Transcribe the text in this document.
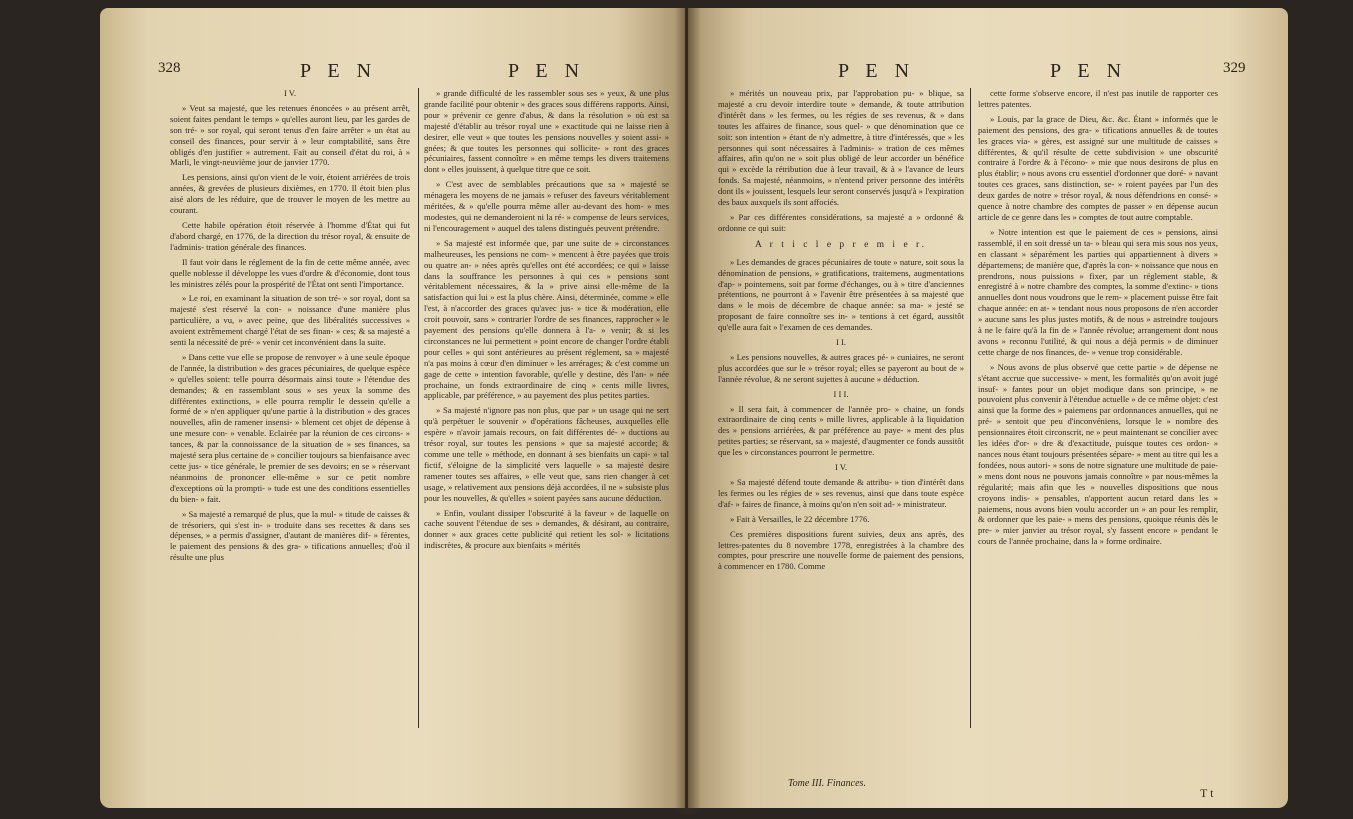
328	P E N	P E N

I V.

» Veut sa majesté, que les retenues énoncées » au présent arrêt, soient faites pendant le temps » qu'elles auront lieu, par les gardes de son tré- » sor royal, qui seront tenus d'en faire arrêter » un état au conseil des finances, pour servir à » leur comptabilité, sans être obligés d'en justifier » autrement. Fait au conseil d'état du roi, à » Marli, le vingt-neuvième jour de janvier 1770.

Les pensions, ainsi qu'on vient de le voir, étoient arriérées de trois années, & grevées de plusieurs dixièmes, en 1770. Il étoit bien plus aisé alors de les réduire, que de trouver le moyen de les mettre au courant.

Cette habile opération étoit réservée à l'homme d'État qui fut d'abord chargé, en 1776, de la direction du trésor royal, & ensuite de l'adminis- tration générale des finances.

Il faut voir dans le réglement de la fin de cette même année, avec quelle noblesse il développe les vues d'ordre & d'économie, dont tous les ministres zélés pour la prospérité de l'État ont senti l'importance.

» Le roi, en examinant la situation de son tré- » sor royal, dont sa majesté s'est réservé la con- » noissance d'une manière plus particulière, a vu, » avec peine, que des libéralités successives » avoient extrêmement chargé l'état de ses finan- » ces; & sa majesté a senti la nécessité de pré- » venir cet inconvénient dans la suite.

» Dans cette vue elle se propose de renvoyer » à une seule époque de l'année, la distribution » des graces pécuniaires, de quelque espèce » qu'elles soient: telle pourra désormais ainsi toute » l'étendue des demandes; & en rassemblant sous » ses yeux la somme des différentes extinctions, » elle pourra remplir le dessein qu'elle a formé de » n'en appliquer qu'une partie à la distribution » des graces nouvelles, afin de ramener insensi- » blement cet objet de dépense à une mesure con- » venable. Eclairée par la réunion de ces circons- » tances, & par la connoissance de la situation de » ses finances, sa majesté sera plus certaine de » concilier toujours sa bienfaisance avec cette jus- » tice générale, le premier de ses devoirs; en se » réservant néanmoins de prononcer elle-même » sur ce petit nombre d'exceptions où la prompti- » tude est une des conditions essentielles du bien- » fait.

» Sa majesté a remarqué de plus, que la mul- » titude de caisses & de trésoriers, qui s'est in- » troduite dans ses recettes & dans ses dépenses, » a permis d'assigner, d'autant de manières dif- » férentes, le paiement des pensions & des gra- » tifications annuelles; d'où il résulte une plus

» grande difficulté de les rassembler sous ses » yeux, & une plus grande facilité pour obtenir » des graces sous différens rapports. Ainsi, pour » prévenir ce genre d'abus, & dans la résolution » où est sa majesté d'établir au trésor royal une » exactitude qui ne laisse rien à desirer, elle veut » que toutes les pensions nouvelles y soient assi- » gnées; & que toutes les personnes qui sollicite- » ront des graces pécuniaires, fassent connoître » en même temps les divers traitemens dont » elles jouissent, à quelque titre que ce soit.

» C'est avec de semblables précautions que sa » majesté se ménagera les moyens de ne jamais » refuser des faveurs véritablement méritées, & » qu'elle pourra même aller au-devant des hom- » mes modestes, qui ne demanderoient ni la ré- » compense de leurs services, ni l'encouragement » auquel des talens distingués peuvent prétendre.

» Sa majesté est informée que, par une suite de » circonstances malheureuses, les pensions ne com- » mencent à être payées que trois ou quatre an- » nées après qu'elles ont été accordées; ce qui » laisse dans la souffrance les personnes à qui ces » pensions sont véritablement nécessaires, & la » prive ainsi elle-même de la satisfaction qui lui » est la plus chère. Ainsi, déterminée, comme » elle l'est, à n'accorder des graces qu'avec jus- » tice & modération, elle croit pouvoir, sans » contrarier l'ordre de ses finances, rapprocher » le payement des pensions qu'elle donnera à l'a- » venir; & si les circonstances ne lui permettent » point encore de changer l'ordre établi pour celles » qui sont antérieures au présent réglement, sa » majesté n'a pas moins à cœur d'en diminuer » les arrérages; & c'est comme un gage de cette » intention favorable, qu'elle y destine, dès l'an- » née prochaine, un fonds extraordinaire de cinq » cents mille livres, applicable, par préférence, » au payement des plus petites parties.

» Sa majesté n'ignore pas non plus, que par » un usage qui ne sert qu'à perpétuer le souvenir » d'opérations fâcheuses, auxquelles elle espère » n'avoir jamais recours, on fait différentes dé- » ductions au trésor royal, sur toutes les pensions » que sa majesté accorde; & comme une telle » méthode, en donnant à ses bienfaits un capi- » tal fictif, s'éloigne de la simplicité vers laquelle » sa majesté desire ramener toutes ses affaires, » elle veut que, sans rien changer à cet usage, » relativement aux pensions déjà accordées, il ne » subsiste plus pour les nouvelles, & qu'elles » soient payées sans aucune déduction.

» Enfin, voulant dissiper l'obscurité à la faveur » de laquelle on cache souvent l'étendue de ses » demandes, & désirant, au contraire, donner » aux graces cette publicité qui retient les sol- » licitations indiscrètes, & procure aux bienfaits » mérités

P E N	P E N	329

» mérités un nouveau prix, par l'approbation pu- » blique, sa majesté a cru devoir interdire toute » demande, & toute attribution d'intérêt dans » les fermes, ou les régies de ses revenus, & » dans toutes les affaires de finance, sous quel- » que dénomination que ce soit: son intention » étant de n'y admettre, à titre d'intéressés, que » les personnes qui sont nécessaires à l'adminis- » tration de ces mêmes affaires, afin qu'on ne » soit plus obligé de leur accorder un bénéfice qui » excède la rétribution due à leur travail, & à » l'avance de leurs fonds. Sa majesté, néanmoins, » n'entend priver personne des intérêts dont ils » jouissent, lesquels leur seront conservés jusqu'à » l'expiration des baux auxquels ils sont affociés.

» Par ces différentes considérations, sa majesté a » ordonné & ordonne ce qui suit:

A r t i c l e p r e m i e r.

» Les demandes de graces pécuniaires de toute » nature, soit sous la dénomination de pensions, » gratifications, traitemens, augmentations d'ap- » pointemens, soit par forme d'échanges, ou à » titre d'anciennes prétentions, ne pourront à » l'avenir être présentées à sa majesté que dans » le mois de décembre de chaque année: sa ma- » jesté se proposant de faire connoître ses in- » tentions à cet égard, aussitôt qu'elle aura fait » l'examen de ces demandes.

I I.

» Les pensions nouvelles, & autres graces pé- » cuniaires, ne seront plus accordées que sur le » trésor royal; elles se payeront au bout de » l'année révolue, & ne seront sujettes à aucune » déduction.

I I I.

» Il sera fait, à commencer de l'année pro- » chaine, un fonds extraordinaire de cinq cents » mille livres, applicable à la liquidation des » pensions arriérées, & par préférence au paye- » ment des plus petites parties; se réservant, sa » majesté, d'augmenter ce fonds aussitôt que les » circonstances pourront le permettre.

I V.

» Sa majesté défend toute demande & attribu- » tion d'intérêt dans les fermes ou les régies de » ses revenus, ainsi que dans toute espèce d'af- » faires de finance, à moins qu'on n'en soit ad- » ministrateur.

» Fait à Versailles, le 22 décembre 1776.

Ces premières dispositions furent suivies, deux ans après, des lettres-patentes du 8 novembre 1778, enregistrées à la chambre des comptes, pour prescrire une nouvelle forme de paiement des pensions, à commencer en 1780. Comme

Tome III. Finances.

cette forme s'observe encore, il n'est pas inutile de rapporter ces lettres patentes.

» Louis, par la grace de Dieu, &c. &c. Étant » informés que le paiement des pensions, des gra- » tifications annuelles & de toutes les graces via- » gères, est assigné sur une multitude de caisses » différentes, & qu'il résulte de cette subdivision » une obscurité contraire à l'ordre & à l'écono- » mie que nous desirons de plus en plus établir; » nous avons cru essentiel d'ordonner que doré- » navant toutes ces graces, sans distinction, se- » roient payées par l'un des deux gardes de notre » trésor royal, & nous défendrions en consé- » quence à notre chambre des comptes de passer » en dépense aucun article de ce genre dans les » comptes de tout autre comptable.

» Notre intention est que le paiement de ces » pensions, ainsi rassemblé, il en soit dressé un ta- » bleau qui sera mis sous nos yeux, en classant » séparément les parties qui appartiennent à divers » départemens; de manière que, d'après la con- » noissance que nous en prendrons, nous puissions » fixer, par un réglement stable, & enregistré à » notre chambre des comptes, la somme d'extinc- » tions annuelles dont nous voudrons que le rem- » placement puisse être fait chaque année: en at- » tendant nous nous proposons de n'en accorder » aucune sans les plus justes motifs, & de nous » astreindre toujours à ne le faire qu'à la fin de » l'année révolue; arrangement dont nous avons » reconnu l'utilité, & qui nous a déjà permis » de diminuer cette charge de nos finances, de- » venue trop considérable.

» Nous avons de plus observé que cette partie » de dépense ne s'étant accrue que successive- » ment, les formalités qu'on avoit jugé insuf- » fantes pour un objet modique dans son principe, » ne pouvoient plus convenir à l'étendue actuelle » de ce même objet: c'est ainsi que la forme des » paiemens par ordonnances annuelles, qui ne pré- » sentoit que peu d'inconvéniens, lorsque le » nombre des pensionnaires étoit circonscrit, ne » peut maintenant se concilier avec les idées d'or- » dre & d'exactitude, puisque toutes ces ordon- » nances nous étant toujours présentées sépare- » ment au titre qui les a fondées, nous autori- » sons de notre signature une multitude de paie- » mens dont nous ne pouvons jamais connoître » par nous-mêmes la régularité; mais afin que les » nouvelles dispositions que nous croyons indis- » pensables, n'apportent aucun retard dans les » paiemens, nous avons bien voulu accorder un » an pour les remplir, & ordonner que les paie- » mens des pensions, quoique réunis dès le pre- » mier janvier au trésor royal, s'y fassent encore » pendant le cours de l'année prochaine, dans la » forme ordinaire.

T t
